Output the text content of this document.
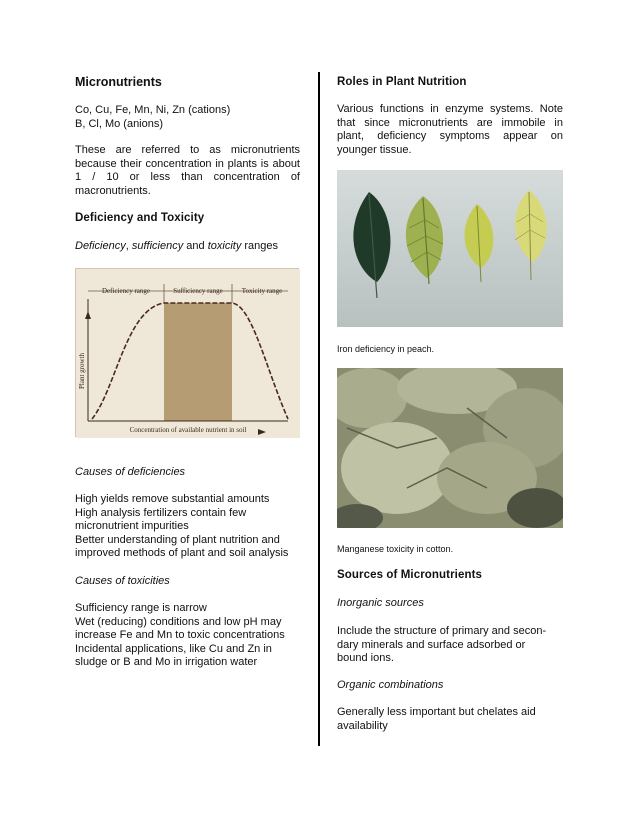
Micronutrients
Co, Cu, Fe, Mn, Ni, Zn (cations)
B, Cl, Mo (anions)
These are referred to as micronutrients because their concentration in plants is about 1 / 10 or less than concentration of macronutrients.
Deficiency and Toxicity
Deficiency, sufficiency and toxicity ranges
Deficiency range	Sufficiency range	Toxicity range
Plant growth
Concentration of available nutrient in soil
Causes of deficiencies
High yields remove substantial amounts
High analysis fertilizers contain few
micronutrient impurities
Better understanding of plant nutrition and
improved methods of plant and soil analysis
Causes of toxicities
Sufficiency range is narrow
Wet (reducing) conditions and low pH may
increase Fe and Mn to toxic concentrations
Incidental applications, like Cu and Zn in
sludge or B and Mo in irrigation water
Roles in Plant Nutrition
Various functions in enzyme systems. Note that since micronutrients are immobile in plant, deficiency symptoms appear on younger tissue.
Iron deficiency in peach.
Manganese toxicity in cotton.
Sources of Micronutrients
Inorganic sources
Include the structure of primary and secon-
dary minerals and surface adsorbed or
bound ions.
Organic combinations
Generally less important but chelates aid
availability
